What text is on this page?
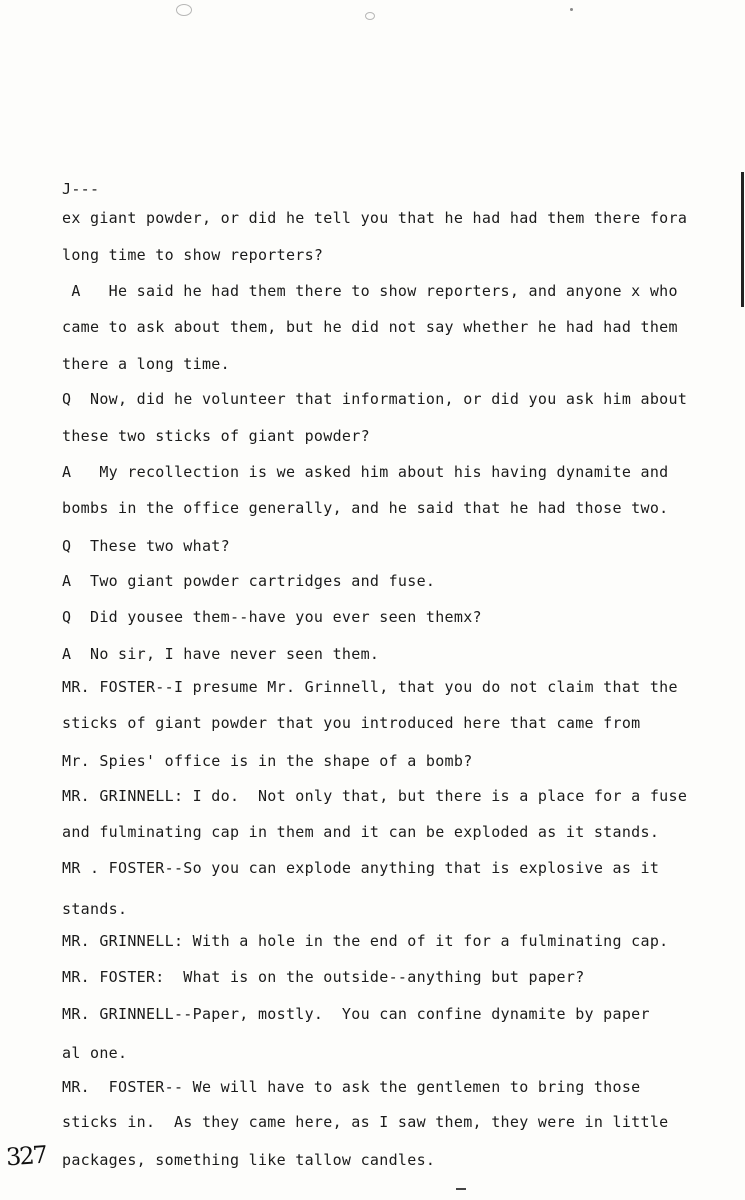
J---
ex giant powder, or did he tell you that he had had them there fora
long time to show reporters?
A   He said he had them there to show reporters, and anyone x who
came to ask about them, but he did not say whether he had had them
there a long time.
Q  Now, did he volunteer that information, or did you ask him about
these two sticks of giant powder?
A   My recollection is we asked him about his having dynamite and
bombs in the office generally, and he said that he had those two.
Q  These two what?
A  Two giant powder cartridges and fuse.
Q  Did yousee them--have you ever seen themx?
A  No sir, I have never seen them.
MR. FOSTER--I presume Mr. Grinnell, that you do not claim that the
sticks of giant powder that you introduced here that came from
Mr. Spies' office is in the shape of a bomb?
MR. GRINNELL: I do.  Not only that, but there is a place for a fuse
and fulminating cap in them and it can be exploded as it stands.
MR . FOSTER--So you can explode anything that is explosive as it
stands.
MR. GRINNELL: With a hole in the end of it for a fulminating cap.
MR. FOSTER:  What is on the outside--anything but paper?
MR. GRINNELL--Paper, mostly.  You can confine dynamite by paper
al one.
MR.  FOSTER-- We will have to ask the gentlemen to bring those
sticks in.  As they came here, as I saw them, they were in little
packages, something like tallow candles.
327
